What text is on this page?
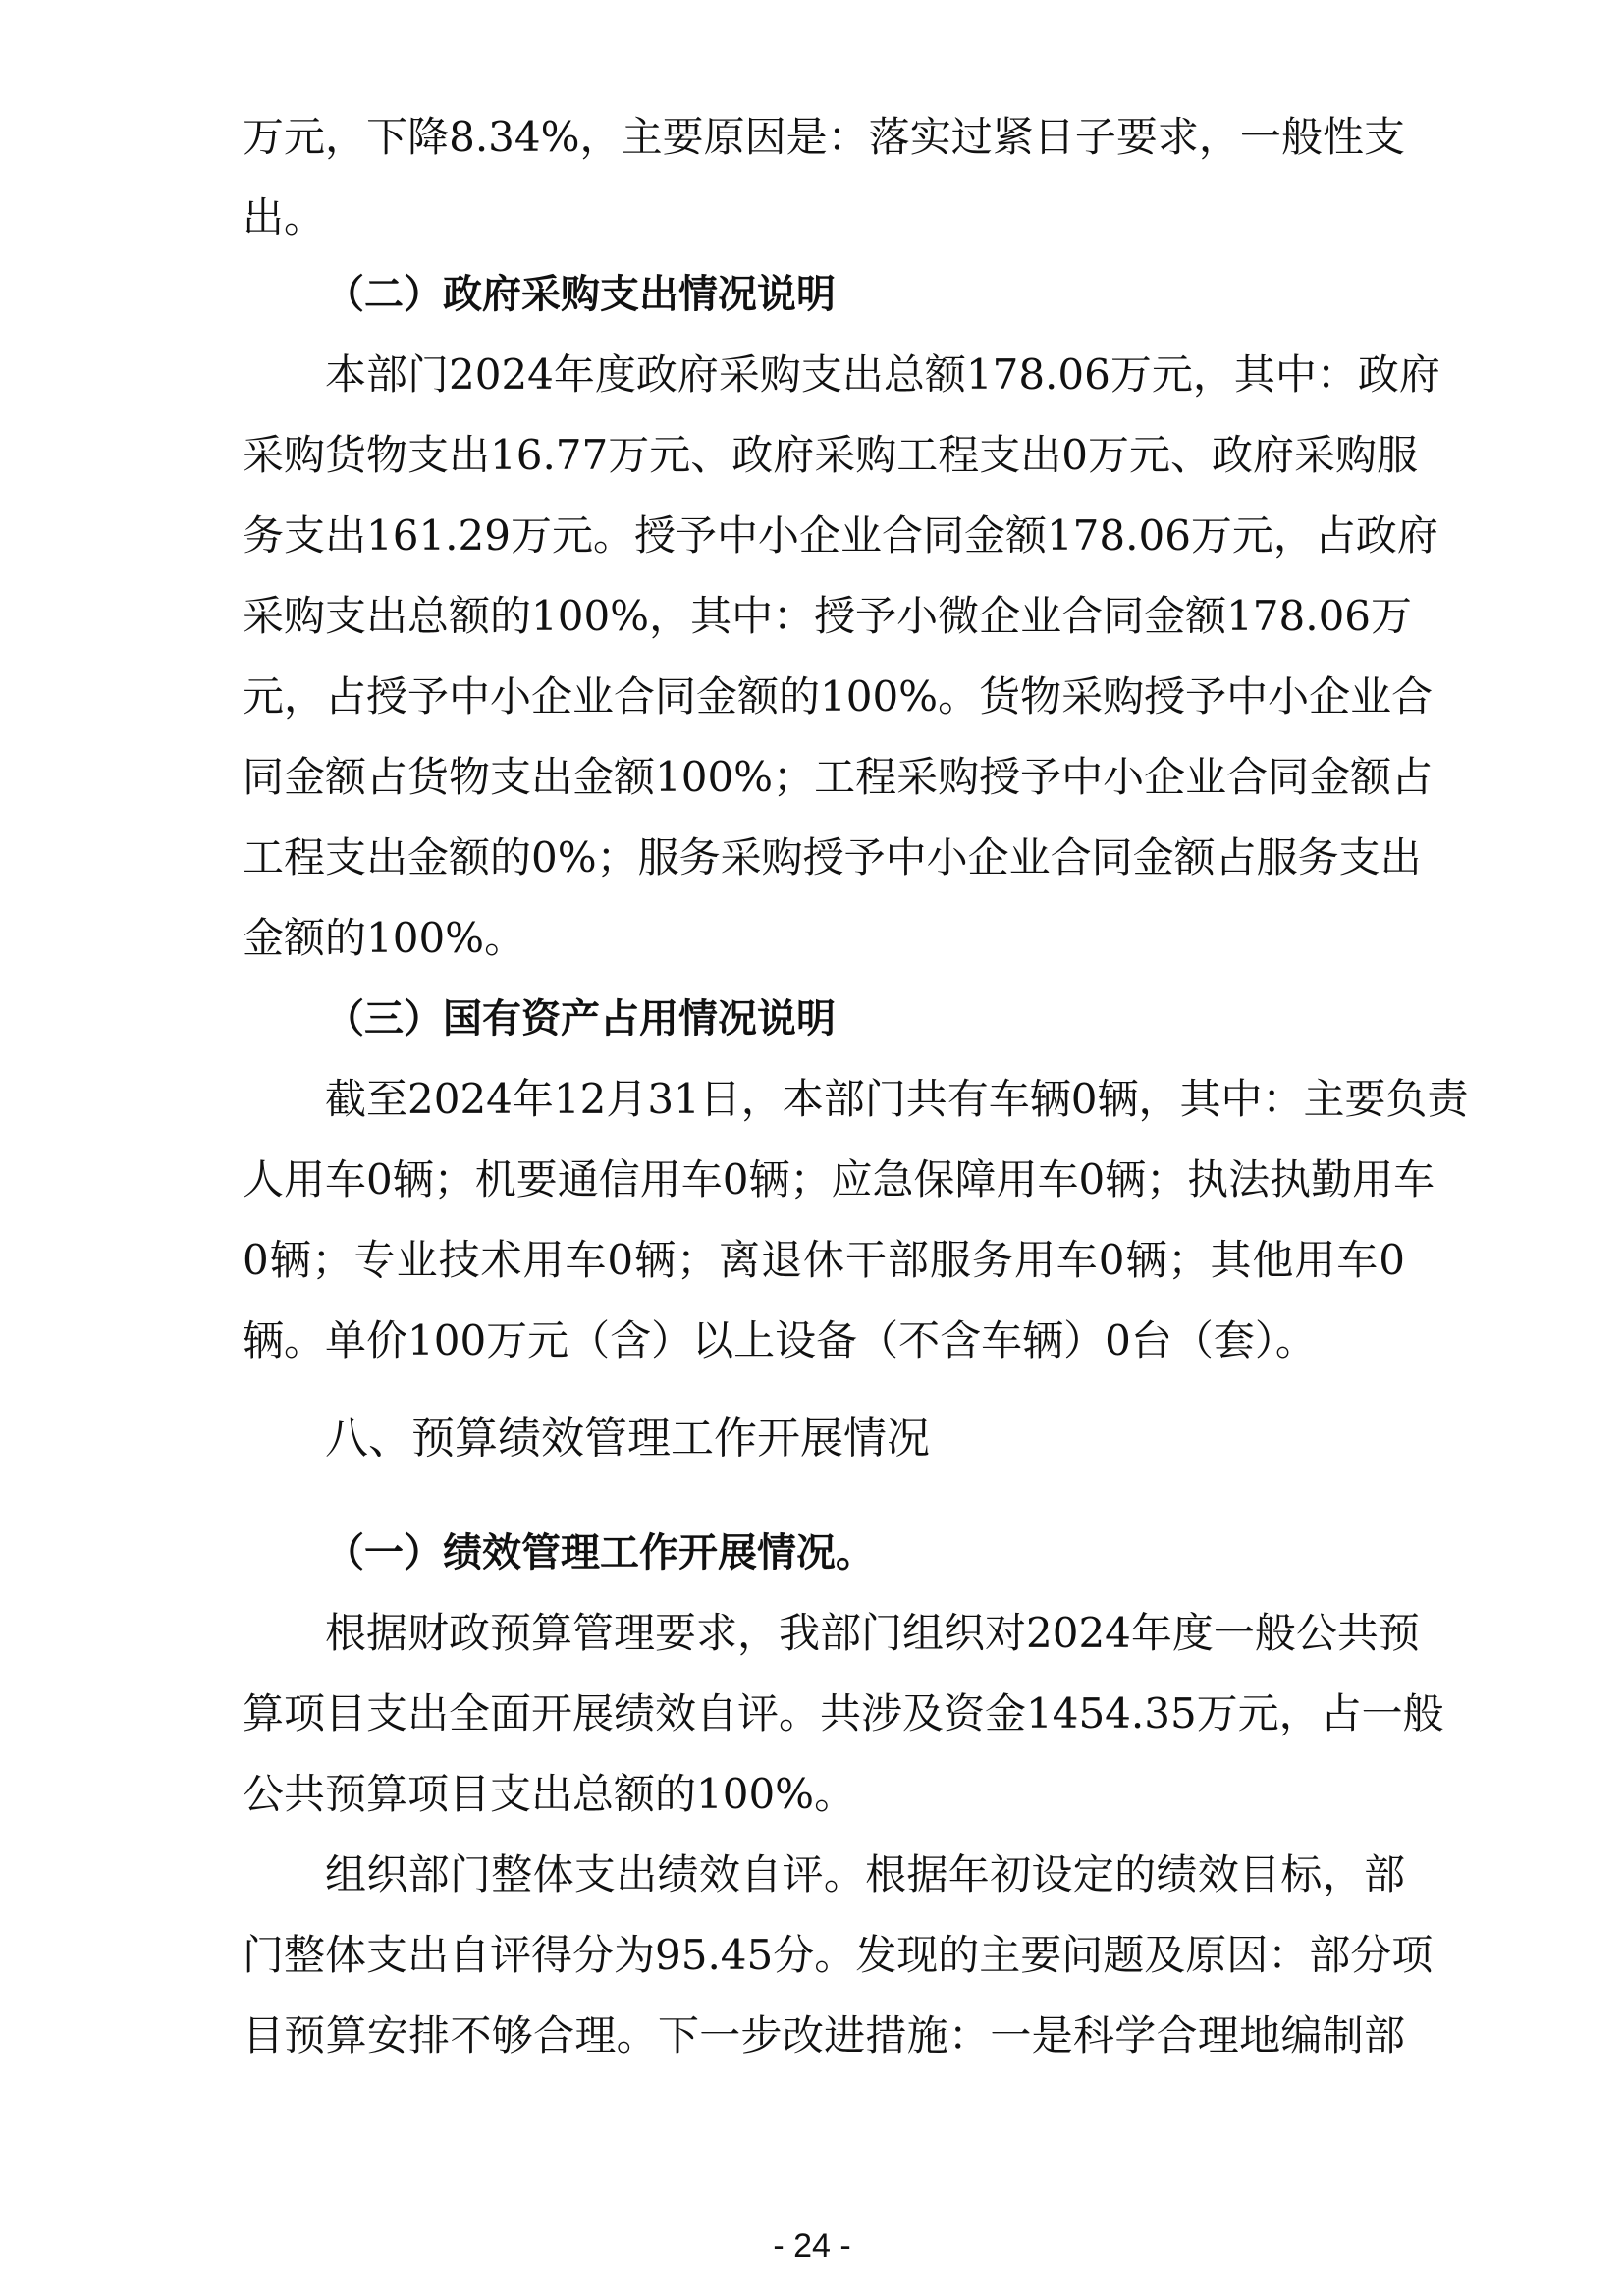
万元，下降8.34%，主要原因是：落实过紧日子要求，一般性支
出。
（二）政府采购支出情况说明
本部门2024年度政府采购支出总额178.06万元，其中：政府
采购货物支出16.77万元、政府采购工程支出0万元、政府采购服
务支出161.29万元。授予中小企业合同金额178.06万元，占政府
采购支出总额的100%，其中：授予小微企业合同金额178.06万
元，占授予中小企业合同金额的100%。货物采购授予中小企业合
同金额占货物支出金额100%；工程采购授予中小企业合同金额占
工程支出金额的0%；服务采购授予中小企业合同金额占服务支出
金额的100%。
（三）国有资产占用情况说明
截至2024年12月31日，本部门共有车辆0辆，其中：主要负责
人用车0辆；机要通信用车0辆；应急保障用车0辆；执法执勤用车
0辆；专业技术用车0辆；离退休干部服务用车0辆；其他用车0
辆。单价100万元（含）以上设备（不含车辆）0台（套）。
八、预算绩效管理工作开展情况
（一）绩效管理工作开展情况。
根据财政预算管理要求，我部门组织对2024年度一般公共预
算项目支出全面开展绩效自评。共涉及资金1454.35万元，占一般
公共预算项目支出总额的100%。
组织部门整体支出绩效自评。根据年初设定的绩效目标，部
门整体支出自评得分为95.45分。发现的主要问题及原因：部分项
目预算安排不够合理。下一步改进措施：一是科学合理地编制部
- 24 -
